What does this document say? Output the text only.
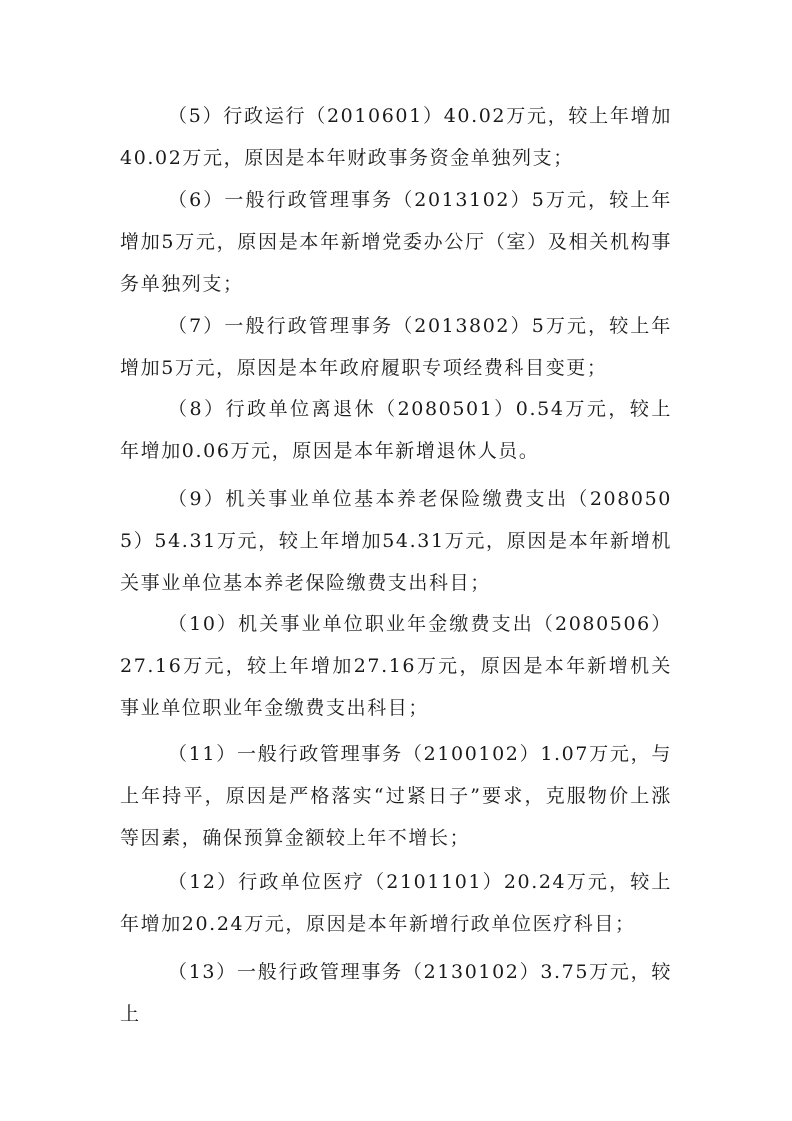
（5）行政运行（2010601）40.02万元，较上年增加40.02万元，原因是本年财政事务资金单独列支；

（6）一般行政管理事务（2013102）5万元，较上年增加5万元，原因是本年新增党委办公厅（室）及相关机构事务单独列支；

（7）一般行政管理事务（2013802）5万元，较上年增加5万元，原因是本年政府履职专项经费科目变更；

（8）行政单位离退休（2080501）0.54万元，较上年增加0.06万元，原因是本年新增退休人员。

（9）机关事业单位基本养老保险缴费支出（2080505）54.31万元，较上年增加54.31万元，原因是本年新增机关事业单位基本养老保险缴费支出科目；

（10）机关事业单位职业年金缴费支出（2080506）27.16万元，较上年增加27.16万元，原因是本年新增机关事业单位职业年金缴费支出科目；

（11）一般行政管理事务（2100102）1.07万元，与上年持平，原因是严格落实“过紧日子”要求，克服物价上涨等因素，确保预算金额较上年不增长；

（12）行政单位医疗（2101101）20.24万元，较上年增加20.24万元，原因是本年新增行政单位医疗科目；

（13）一般行政管理事务（2130102）3.75万元，较上
